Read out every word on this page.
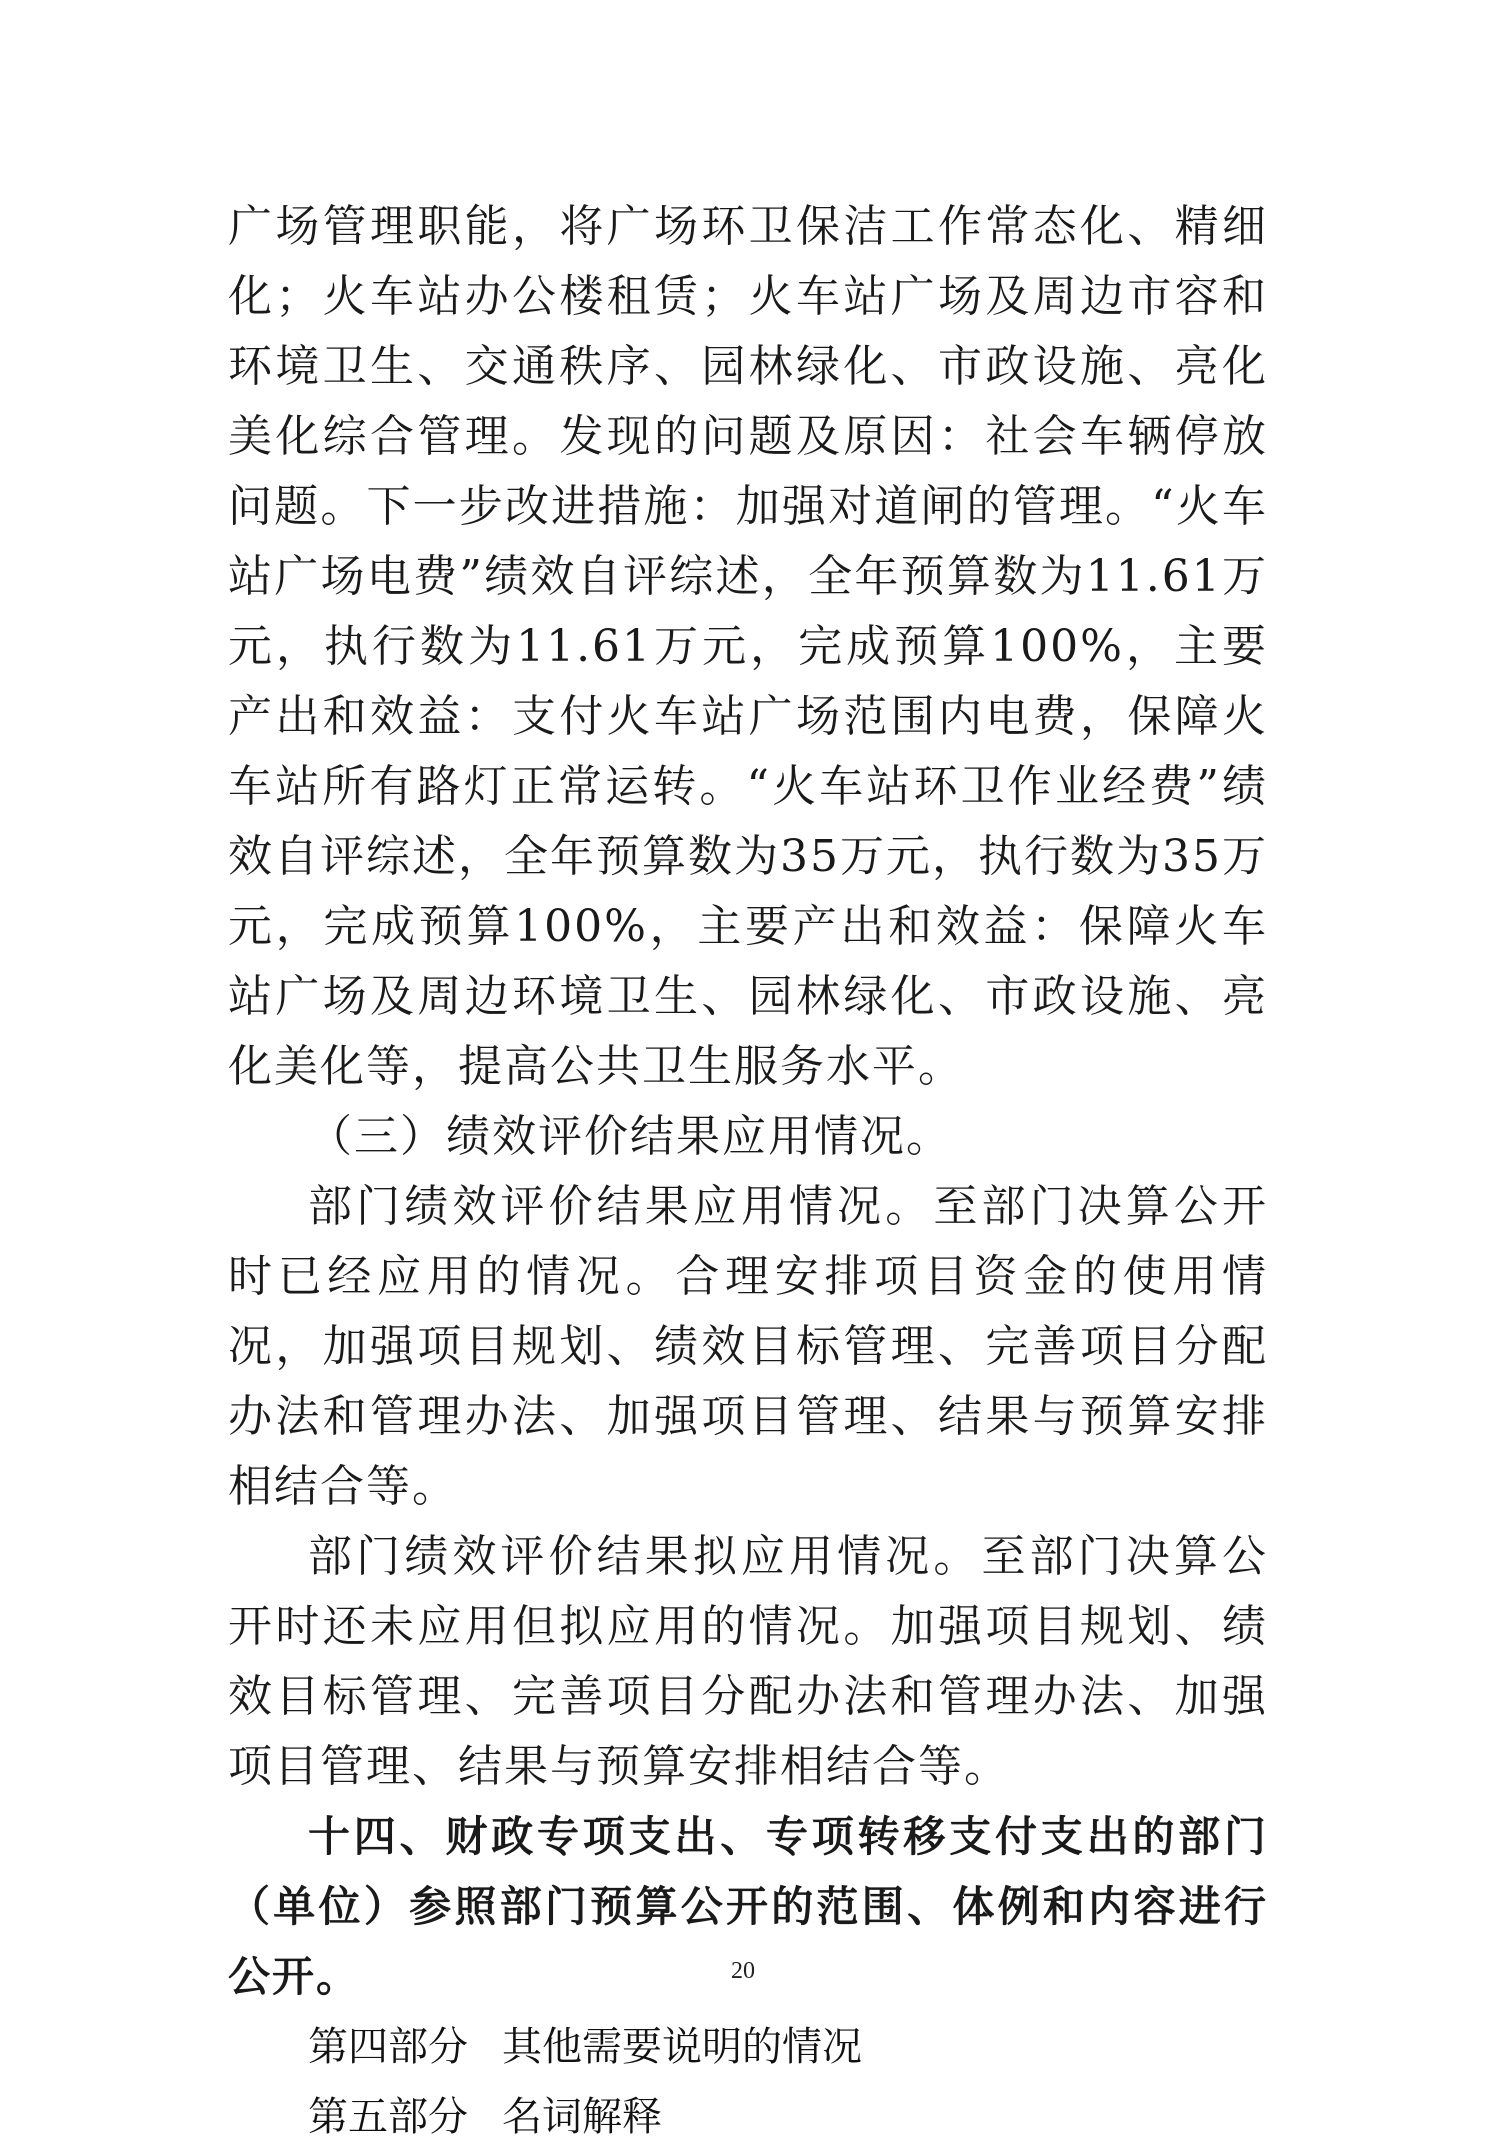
广场管理职能，将广场环卫保洁工作常态化、精细化；火车站办公楼租赁；火车站广场及周边市容和环境卫生、交通秩序、园林绿化、市政设施、亮化美化综合管理。发现的问题及原因：社会车辆停放问题。下一步改进措施：加强对道闸的管理。“火车站广场电费”绩效自评综述，全年预算数为11.61万元，执行数为11.61万元，完成预算100%，主要产出和效益：支付火车站广场范围内电费，保障火车站所有路灯正常运转。“火车站环卫作业经费”绩效自评综述，全年预算数为35万元，执行数为35万元，完成预算100%，主要产出和效益：保障火车站广场及周边环境卫生、园林绿化、市政设施、亮化美化等，提高公共卫生服务水平。

（三）绩效评价结果应用情况。

部门绩效评价结果应用情况。至部门决算公开时已经应用的情况。合理安排项目资金的使用情况，加强项目规划、绩效目标管理、完善项目分配办法和管理办法、加强项目管理、结果与预算安排相结合等。

部门绩效评价结果拟应用情况。至部门决算公开时还未应用但拟应用的情况。加强项目规划、绩效目标管理、完善项目分配办法和管理办法、加强项目管理、结果与预算安排相结合等。

十四、财政专项支出、专项转移支付支出的部门（单位）参照部门预算公开的范围、体例和内容进行公开。

第四部分 其他需要说明的情况

第五部分 名词解释

20
